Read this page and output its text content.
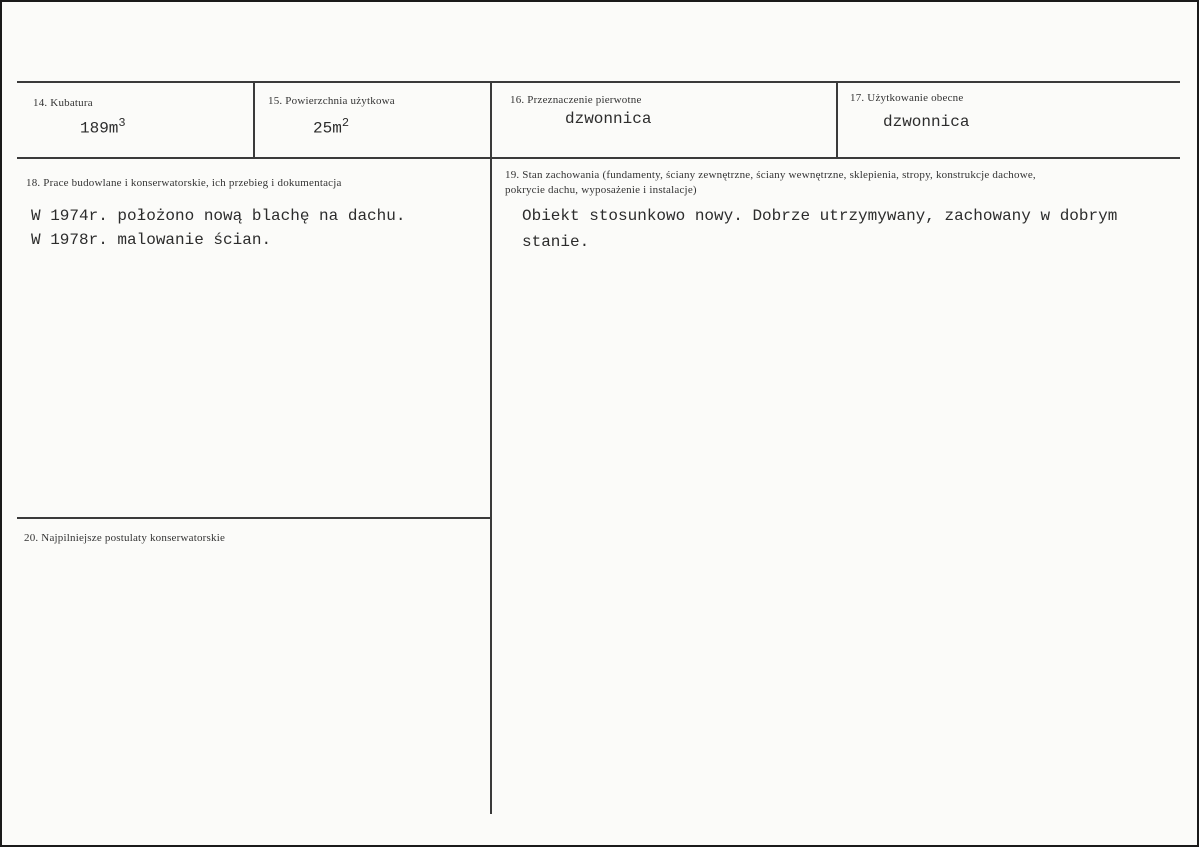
14. Kubatura
$189m^3$
15. Powierzchnia użytkowa
$25m^2$
16. Przeznaczenie pierwotne
dzwonnica
17. Użytkowanie obecne
dzwonnica
18. Prace budowlane i konserwatorskie, ich przebieg i dokumentacja
W 1974r. położono nową blachę na dachu.
W 1978r. malowanie ścian.
19. Stan zachowania (fundamenty, ściany zewnętrzne, ściany wewnętrzne, sklepienia, stropy, konstrukcje dachowe, pokrycie dachu, wyposażenie i instalacje)
Obiekt stosunkowo nowy. Dobrze utrzymywany, zachowany w dobrym
stanie.
20. Najpilniejsze postulaty konserwatorskie
